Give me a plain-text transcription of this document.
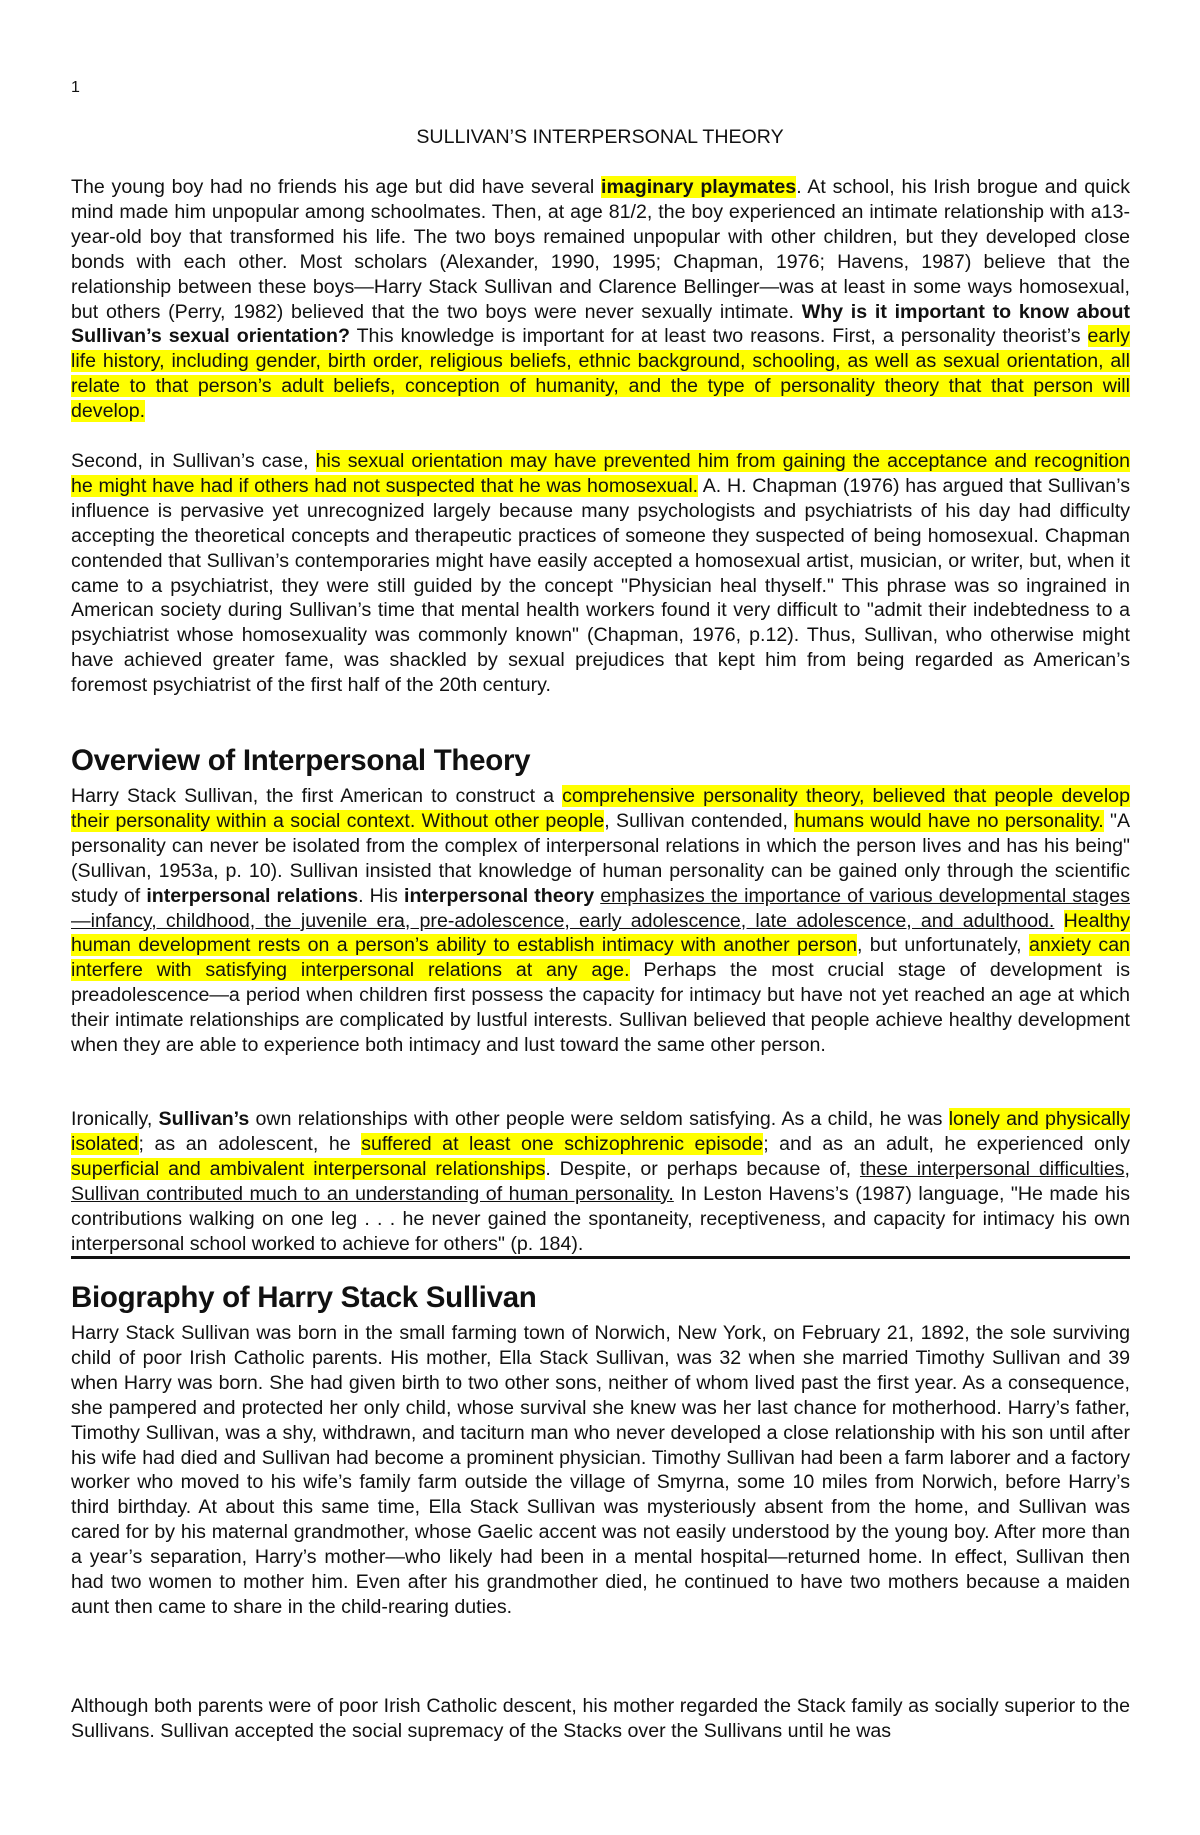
1
SULLIVAN’S INTERPERSONAL THEORY

The young boy had no friends his age but did have several imaginary playmates. At school, his Irish brogue and quick mind made him unpopular among schoolmates. Then, at age 81/2, the boy experienced an intimate relationship with a13-year-old boy that transformed his life. The two boys remained unpopular with other children, but they developed close bonds with each other. Most scholars (Alexander, 1990, 1995; Chapman, 1976; Havens, 1987) believe that the relationship between these boys—Harry Stack Sullivan and Clarence Bellinger—was at least in some ways homosexual, but others (Perry, 1982) believed that the two boys were never sexually intimate. Why is it important to know about Sullivan’s sexual orientation? This knowledge is important for at least two reasons. First, a personality theorist’s early life history, including gender, birth order, religious beliefs, ethnic background, schooling, as well as sexual orientation, all relate to that person’s adult beliefs, conception of humanity, and the type of personality theory that that person will develop.

Second, in Sullivan’s case, his sexual orientation may have prevented him from gaining the acceptance and recognition he might have had if others had not suspected that he was homosexual. A. H. Chapman (1976) has argued that Sullivan’s influence is pervasive yet unrecognized largely because many psychologists and psychiatrists of his day had difficulty accepting the theoretical concepts and therapeutic practices of someone they suspected of being homosexual. Chapman contended that Sullivan’s contemporaries might have easily accepted a homosexual artist, musician, or writer, but, when it came to a psychiatrist, they were still guided by the concept "Physician heal thyself." This phrase was so ingrained in American society during Sullivan’s time that mental health workers found it very difficult to "admit their indebtedness to a psychiatrist whose homosexuality was commonly known" (Chapman, 1976, p.12). Thus, Sullivan, who otherwise might have achieved greater fame, was shackled by sexual prejudices that kept him from being regarded as American’s foremost psychiatrist of the first half of the 20th century.

Overview of Interpersonal Theory

Harry Stack Sullivan, the first American to construct a comprehensive personality theory, believed that people develop their personality within a social context. Without other people, Sullivan contended, humans would have no personality. "A personality can never be isolated from the complex of interpersonal relations in which the person lives and has his being" (Sullivan, 1953a, p. 10). Sullivan insisted that knowledge of human personality can be gained only through the scientific study of interpersonal relations. His interpersonal theory emphasizes the importance of various developmental stages—infancy, childhood, the juvenile era, pre-adolescence, early adolescence, late adolescence, and adulthood. Healthy human development rests on a person’s ability to establish intimacy with another person, but unfortunately, anxiety can interfere with satisfying interpersonal relations at any age. Perhaps the most crucial stage of development is preadolescence—a period when children first possess the capacity for intimacy but have not yet reached an age at which their intimate relationships are complicated by lustful interests. Sullivan believed that people achieve healthy development when they are able to experience both intimacy and lust toward the same other person.

Ironically, Sullivan’s own relationships with other people were seldom satisfying. As a child, he was lonely and physically isolated; as an adolescent, he suffered at least one schizophrenic episode; and as an adult, he experienced only superficial and ambivalent interpersonal relationships. Despite, or perhaps because of, these interpersonal difficulties, Sullivan contributed much to an understanding of human personality. In Leston Havens’s (1987) language, "He made his contributions walking on one leg . . . he never gained the spontaneity, receptiveness, and capacity for intimacy his own interpersonal school worked to achieve for others" (p. 184).

Biography of Harry Stack Sullivan

Harry Stack Sullivan was born in the small farming town of Norwich, New York, on February 21, 1892, the sole surviving child of poor Irish Catholic parents. His mother, Ella Stack Sullivan, was 32 when she married Timothy Sullivan and 39 when Harry was born. She had given birth to two other sons, neither of whom lived past the first year. As a consequence, she pampered and protected her only child, whose survival she knew was her last chance for motherhood. Harry’s father, Timothy Sullivan, was a shy, withdrawn, and taciturn man who never developed a close relationship with his son until after his wife had died and Sullivan had become a prominent physician. Timothy Sullivan had been a farm laborer and a factory worker who moved to his wife’s family farm outside the village of Smyrna, some 10 miles from Norwich, before Harry’s third birthday. At about this same time, Ella Stack Sullivan was mysteriously absent from the home, and Sullivan was cared for by his maternal grandmother, whose Gaelic accent was not easily understood by the young boy. After more than a year’s separation, Harry’s mother—who likely had been in a mental hospital—returned home. In effect, Sullivan then had two women to mother him. Even after his grandmother died, he continued to have two mothers because a maiden aunt then came to share in the child-rearing duties.

Although both parents were of poor Irish Catholic descent, his mother regarded the Stack family as socially superior to the Sullivans. Sullivan accepted the social supremacy of the Stacks over the Sullivans until he was
